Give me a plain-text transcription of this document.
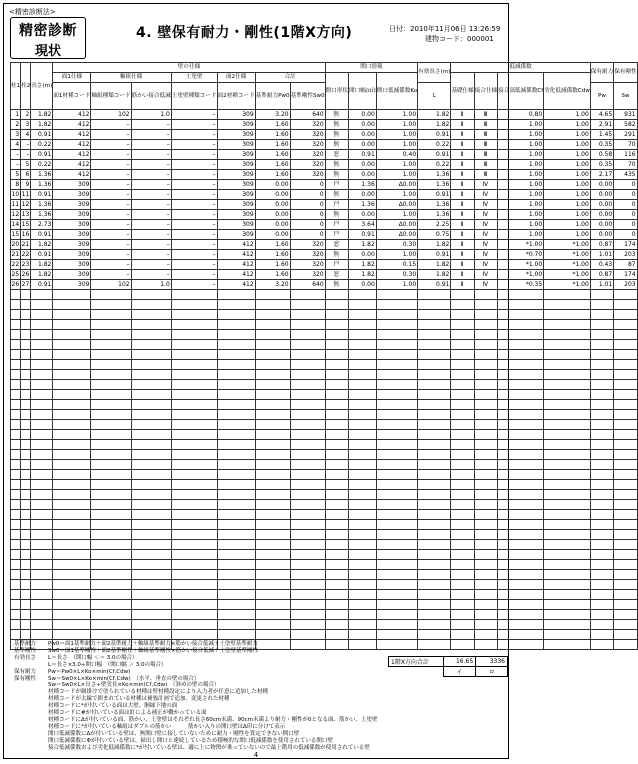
<精密診断法>
精密診断
現状
4. 壁保有耐力・剛性(1階X方向)	日付：2010年11月06日 13:26:59
建物コード：000001
柱1	柱2	長さ(m)	壁の仕様							開口情報			有効長さ(m)	低減係数				保有耐力	保有剛性
			面1仕様	軸組仕様		土塗壁	面2仕様	合計		開口形状	開口幅(㎡)	開口低減係数Ko		基礎仕様	接合仕様	接合部低減係数Cf	劣化低減係数Cdw		
			面1材種コード	軸組種類コード	筋かい接合低減	土塗壁種類コード	面2材種コード	基準耐力Pw0	基準剛性Sw0				L					Pw	Sw
1	2	1.82	412	102	1.0	–	309	3.20	640	無	0.00	1.00	1.82	Ⅱ	Ⅲ	0.80	1.00	4.65	931
2	3	1.82	412	–	–	–	309	1.60	320	無	0.00	1.00	1.82	Ⅱ	Ⅲ	1.00	1.00	2.91	582
3	4	0.91	412	–	–	–	309	1.60	320	無	0.00	1.00	0.91	Ⅱ	Ⅲ	1.00	1.00	1.45	291
4	–	0.22	412	–	–	–	309	1.60	320	無	0.00	1.00	0.22	Ⅱ	Ⅲ	1.00	1.00	0.35	70
–	–	0.91	412	–	–	–	309	1.60	320	窓	0.91	0.40	0.91	Ⅱ	Ⅲ	1.00	1.00	0.58	116
–	5	0.22	412	–	–	–	309	1.60	320	無	0.00	1.00	0.22	Ⅱ	Ⅲ	1.00	1.00	0.35	70
5	6	1.36	412	–	–	–	309	1.60	320	無	0.00	1.00	1.36	Ⅱ	Ⅲ	1.00	1.00	2.17	435
8	9	1.36	309	–	–	–	309	0.00	0	戸	1.36	Δ0.00	1.36	Ⅱ	Ⅳ	1.00	1.00	0.00	0
10	11	0.91	309	–	–	–	309	0.00	0	無	0.00	1.00	0.91	Ⅱ	Ⅳ	1.00	1.00	0.00	0
11	12	1.36	309	–	–	–	309	0.00	0	戸	1.36	Δ0.00	1.36	Ⅱ	Ⅳ	1.00	1.00	0.00	0
12	13	1.36	309	–	–	–	309	0.00	0	無	0.00	1.00	1.36	Ⅱ	Ⅳ	1.00	1.00	0.00	0
14	15	2.73	309	–	–	–	309	0.00	0	戸	3.64	Δ0.00	2.25	Ⅱ	Ⅳ	1.00	1.00	0.00	0
15	16	0.91	309	–	–	–	309	0.00	0	戸	0.91	Δ0.00	0.75	Ⅱ	Ⅳ	1.00	1.00	0.00	0
20	21	1.82	309	–	–	–	412	1.60	320	窓	1.82	0.30	1.82	Ⅱ	Ⅳ	*1.00	*1.00	0.87	174
21	22	0.91	309	–	–	–	412	1.60	320	無	0.00	1.00	0.91	Ⅱ	Ⅳ	*0.70	*1.00	1.01	203
22	23	1.82	309	–	–	–	412	1.60	320	戸	1.82	0.15	1.82	Ⅱ	Ⅳ	*1.00	*1.00	0.43	87
25	26	1.82	309	–	–	–	412	1.60	320	窓	1.82	0.30	1.82	Ⅱ	Ⅳ	*1.00	*1.00	0.87	174
26	27	0.91	309	102	1.0	–	412	3.20	640	無	0.00	1.00	0.91	Ⅱ	Ⅳ	*0.35	*1.00	1.01	203

基準耐力	Pw0＝面1基準耐力＋面2基準耐力＋軸組基準耐力×筋かい接合低減＋土塗壁基準耐力
基準剛性	Sw0＝面1基準剛性＋面2基準剛性＋軸組基準剛性×筋かい接合低減＋土塗壁基準剛性
有効長さ	L＝長さ　（開口幅 ＜＝ 3.0の場合）
L＝長さ×3.0÷開口幅　（開口幅 ＞ 3.0の場合）
保有耐力	Pw＝Pw0×L×Ko×min(Cf,Cdw)
保有剛性	Sw＝Sw0×L×Ko×min(Cf,Cdw)　（水平、垂直の壁の場合）
Sw＝Sw0×L×長さ÷壁実長×Ko×min(Cf,Cdw)　（斜めの壁の場合）
材種コードが網掛けで塗られている材種は壁材種設定により入力者が任意に追加した材種
材種コードが太線で囲まれている材種は補強計画で追加、変更された材種
材種コードに*が付いている面は大壁、胴縁下地の面
材種コードに#が付いている面は釘による補正が働かっている面
材種コードにΔが付いている面、筋かい、土塗壁はそれぞれ長さ60cm未満、90cm未満より耐力・剛性が0となる面、筋かい、土塗壁
材種コードに*が付いている軸組はダブルの筋かい　　　筋かい入りの開口壁はΔ印に分けて表示
開口低減係数にΔが付いている壁は、無開口壁に接していないために耐力・剛性を算定できない開口壁
開口低減係数にΦが付いている壁は、掃出し開口と連続しているため積極的な開口低減係数を使用されている開口壁
接合低減係数および劣化低減係数に*が付いている壁は、適に上に物関が乗っていないので最上階用の低減係数が使用されている壁
1階X方向合計	16.65	3336
	イ	ロ
4
